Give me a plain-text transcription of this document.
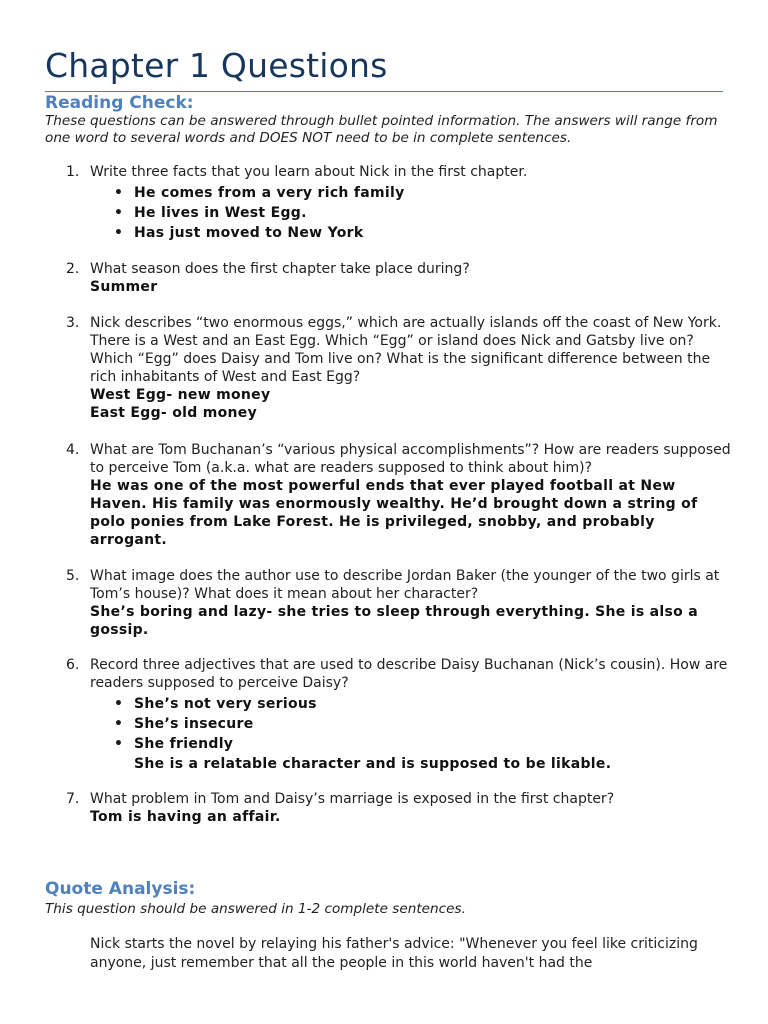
Chapter 1 Questions
Reading Check:

These questions can be answered through bullet pointed information. The answers will range from one word to several words and DOES NOT need to be in complete sentences.

1. Write three facts that you learn about Nick in the first chapter.
• He comes from a very rich family
• He lives in West Egg.
• Has just moved to New York
2. What season does the first chapter take place during?
Summer
3. Nick describes “two enormous eggs,” which are actually islands off the coast of New York. There is a West and an East Egg. Which “Egg” or island does Nick and Gatsby live on? Which “Egg” does Daisy and Tom live on? What is the significant difference between the rich inhabitants of West and East Egg?
West Egg- new money
East Egg- old money
4. What are Tom Buchanan’s “various physical accomplishments”? How are readers supposed to perceive Tom (a.k.a. what are readers supposed to think about him)?
He was one of the most powerful ends that ever played football at New Haven. His family was enormously wealthy. He’d brought down a string of polo ponies from Lake Forest. He is privileged, snobby, and probably arrogant.
5. What image does the author use to describe Jordan Baker (the younger of the two girls at Tom’s house)? What does it mean about her character?
She’s boring and lazy- she tries to sleep through everything. She is also a gossip.
6. Record three adjectives that are used to describe Daisy Buchanan (Nick’s cousin). How are readers supposed to perceive Daisy?
• She’s not very serious
• She’s insecure
• She friendly
She is a relatable character and is supposed to be likable.
7. What problem in Tom and Daisy’s marriage is exposed in the first chapter?
Tom is having an affair.
Quote Analysis:

This question should be answered in 1-2 complete sentences.

Nick starts the novel by relaying his father's advice: "Whenever you feel like criticizing anyone, just remember that all the people in this world haven't had the
